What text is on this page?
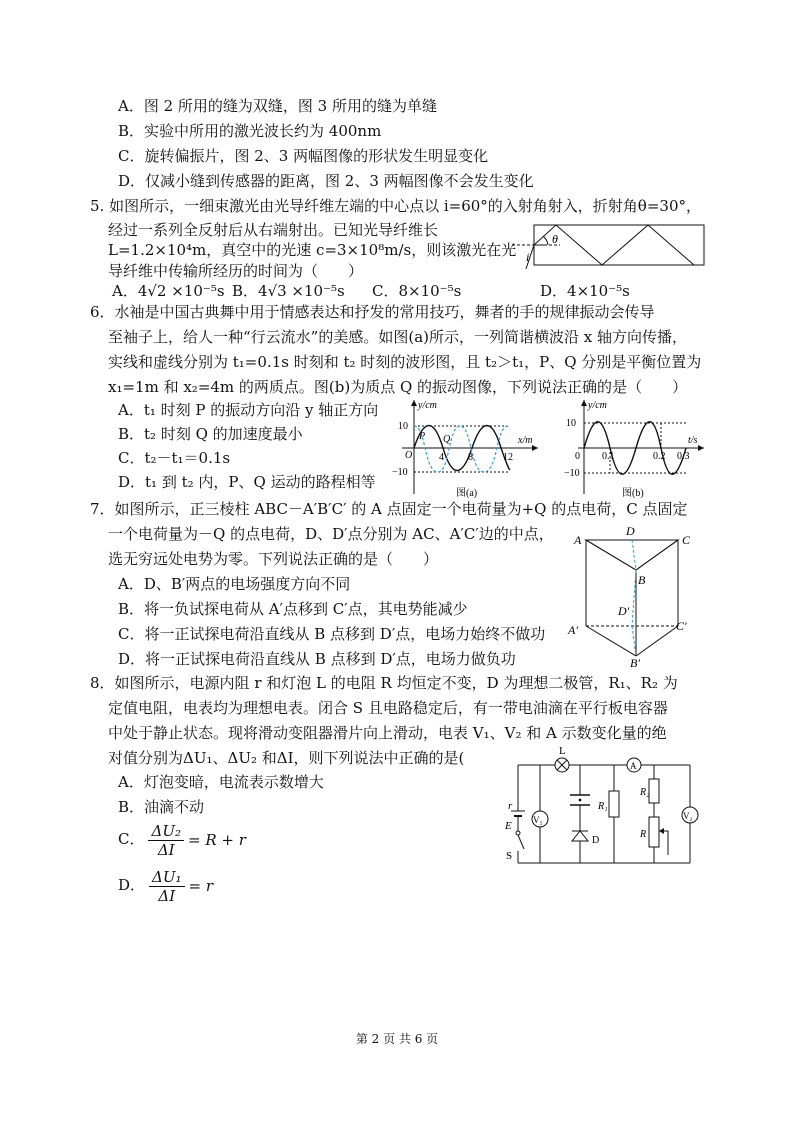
A．图 2 所用的缝为双缝，图 3 所用的缝为单缝
B．实验中所用的激光波长约为 400nm
C．旋转偏振片，图 2、3 两幅图像的形状发生明显变化
D．仅减小缝到传感器的距离，图 2、3 两幅图像不会发生变化
5. 如图所示，一细束激光由光导纤维左端的中心点以 i=60°的入射角射入，折射角θ=30°，
经过一系列全反射后从右端射出。已知光导纤维长
L=1.2×10⁴m，真空中的光速 c=3×10⁸m/s，则该激光在光
导纤维中传输所经历的时间为（　　）
A．4√2 ×10⁻⁵s B．4√3 ×10⁻⁵s C．8×10⁻⁵s	D．4×10⁻⁵s
θ
i
6．水袖是中国古典舞中用于情感表达和抒发的常用技巧，舞者的手的规律振动会传导
至袖子上，给人一种“行云流水”的美感。如图(a)所示，一列简谐横波沿 x 轴方向传播，
实线和虚线分别为 t₁=0.1s 时刻和 t₂ 时刻的波形图，且 t₂＞t₁，P、Q 分别是平衡位置为
x₁=1m 和 x₂=4m 的两质点。图(b)为质点 Q 的振动图像，下列说法正确的是（　　）
A．t₁ 时刻 P 的振动方向沿 y 轴正方向
B．t₂ 时刻 Q 的加速度最小
C．t₂－t₁＝0.1s
D．t₁ 到 t₂ 内，P、Q 运动的路程相等
y/cm
x/m
10
−10
O	4 8	12
P Q
图(a)
y/cm
t/s
10
−10
0 0.1	0.2 0.3
图(b)
7．如图所示，正三棱柱 ABC－A′B′C′ 的 A 点固定一个电荷量为+Q 的点电荷，C 点固定
一个电荷量为－Q 的点电荷，D、D′点分别为 AC、A′C′边的中点，
选无穷远处电势为零。下列说法正确的是（　　）
A．D、B′两点的电场强度方向不同
B．将一负试探电荷从 A′点移到 C′点，其电势能减少
C．将一正试探电荷沿直线从 B 点移到 D′点，电场力始终不做功
D．将一正试探电荷沿直线从 B 点移到 D′点，电场力做负功
A
D
C
B
D′
A′	C′
B′
8．如图所示，电源内阻 r 和灯泡 L 的电阻 R 均恒定不变，D 为理想二极管，R₁、R₂ 为
定值电阻，电表均为理想电表。闭合 S 且电路稳定后，有一带电油滴在平行板电容器
中处于静止状态。现将滑动变阻器滑片向上滑动，电表 V₁、V₂ 和 A 示数变化量的绝
对值分别为ΔU₁、ΔU₂ 和ΔI，则下列说法中正确的是(
A．灯泡变暗，电流表示数增大
B．油滴不动
C． $\frac{\text{ΔU₂}}{\Delta I} = R + r$
D． $\frac{\text{ΔU₁}}{\Delta I} = r$
L
r
E
S
V₁
D
R₁
A
R₂
R
V₂
第 2 页 共 6 页
